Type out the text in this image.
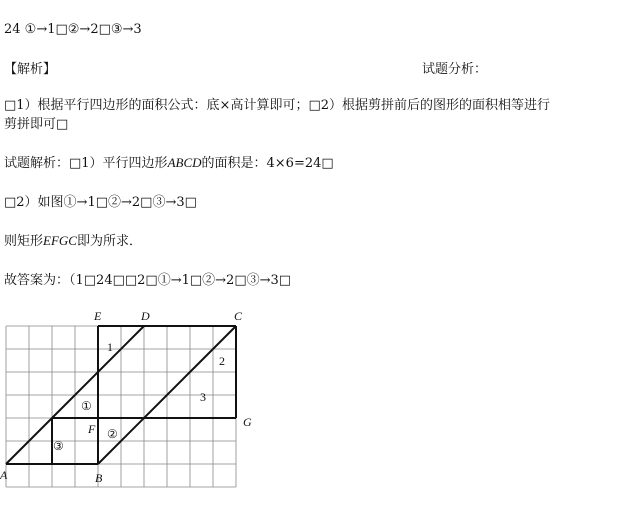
24 ①→1□②→2□③→3
【解析】	试题分析：
□1）根据平行四边形的面积公式：底×高计算即可；□2）根据剪拼前后的图形的面积相等进行
剪拼即可□
试题解析：□1）平行四边形ABCD的面积是：4×6=24□
□2）如图①→1□②→2□③→3□
则矩形EFGC即为所求．
故答案为：（1□24□□2□①→1□②→2□③→3□
E	D	C
A	B
F	G
1
2
3
①
②
③
